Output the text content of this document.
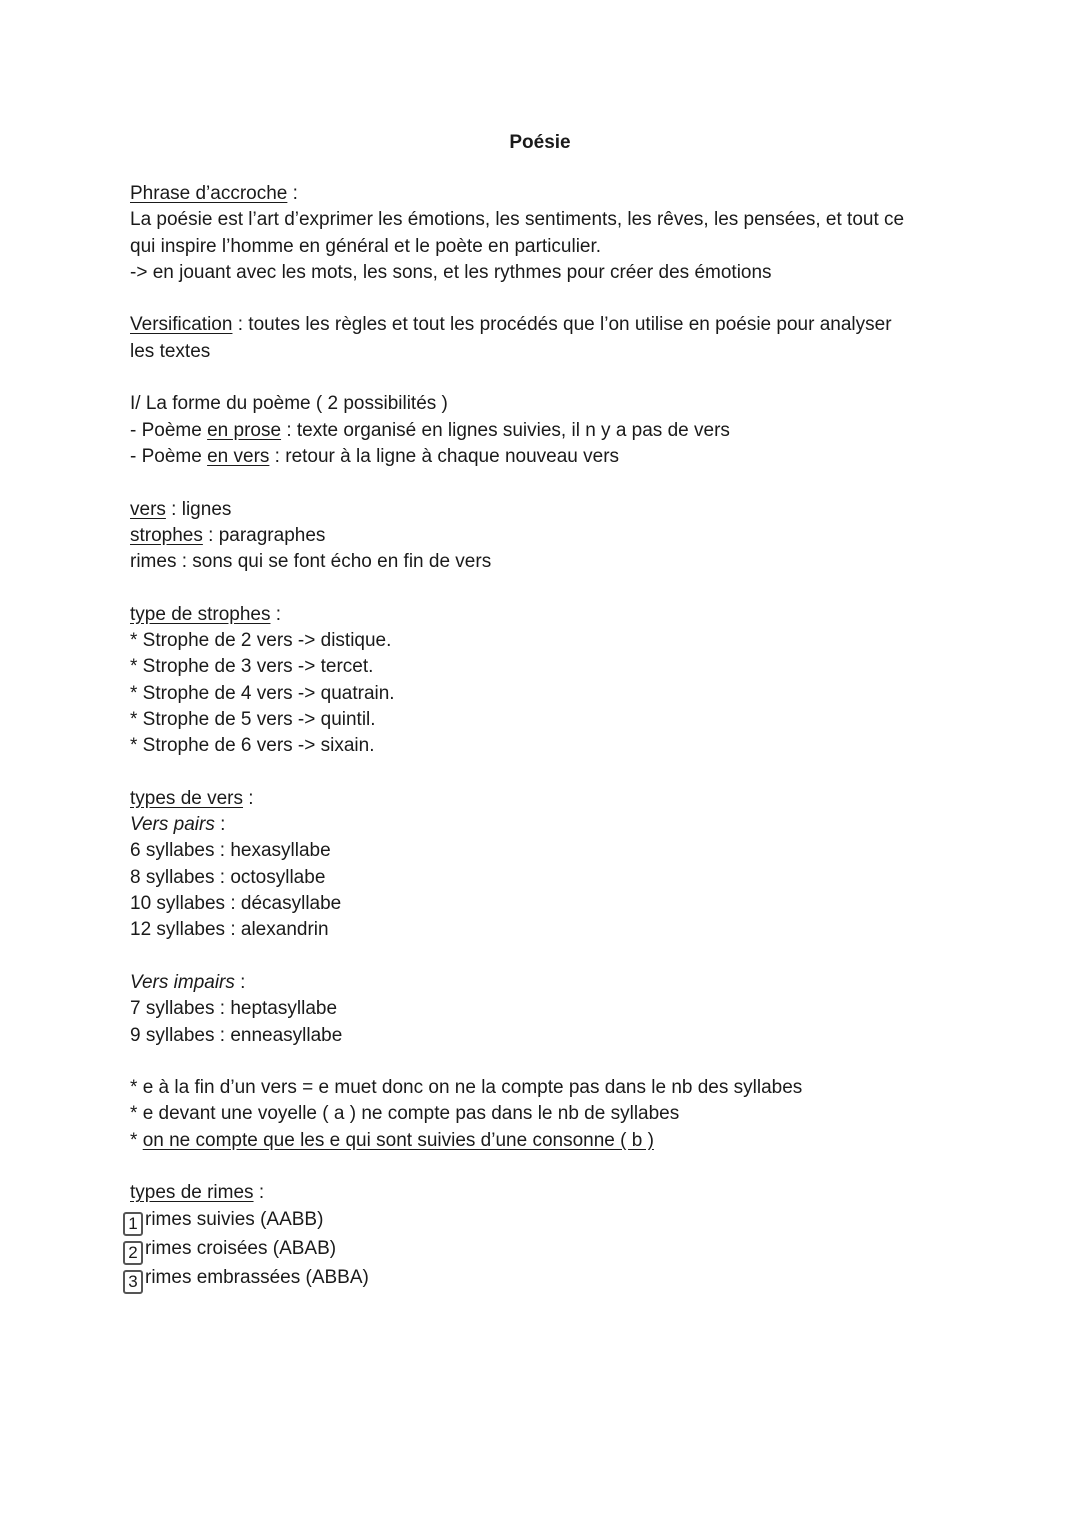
Poésie
Phrase d’accroche :
La poésie est l’art d’exprimer les émotions, les sentiments, les rêves, les pensées, et tout ce
qui inspire l’homme en général et le poète en particulier.
-> en jouant avec les mots, les sons, et les rythmes pour créer des émotions
Versification : toutes les règles et tout les procédés que l’on utilise en poésie pour analyser
les textes
I/ La forme du poème ( 2 possibilités )
- Poème en prose : texte organisé en lignes suivies, il n y a pas de vers
- Poème en vers : retour à la ligne à chaque nouveau vers
vers : lignes
strophes : paragraphes
rimes : sons qui se font écho en fin de vers
type de strophes :
* Strophe de 2 vers -> distique.
* Strophe de 3 vers -> tercet.
* Strophe de 4 vers -> quatrain.
* Strophe de 5 vers -> quintil.
* Strophe de 6 vers -> sixain.
types de vers :
Vers pairs :
6 syllabes : hexasyllabe
8 syllabes : octosyllabe
10 syllabes : décasyllabe
12 syllabes : alexandrin
Vers impairs :
7 syllabes : heptasyllabe
9 syllabes : enneasyllabe
* e à la fin d’un vers = e muet donc on ne la compte pas dans le nb des syllabes
* e devant une voyelle ( a ) ne compte pas dans le nb de syllabes
* on ne compte que les e qui sont suivies d’une consonne ( b )
types de rimes :
1 rimes suivies (AABB)
2 rimes croisées (ABAB)
3 rimes embrassées (ABBA)
